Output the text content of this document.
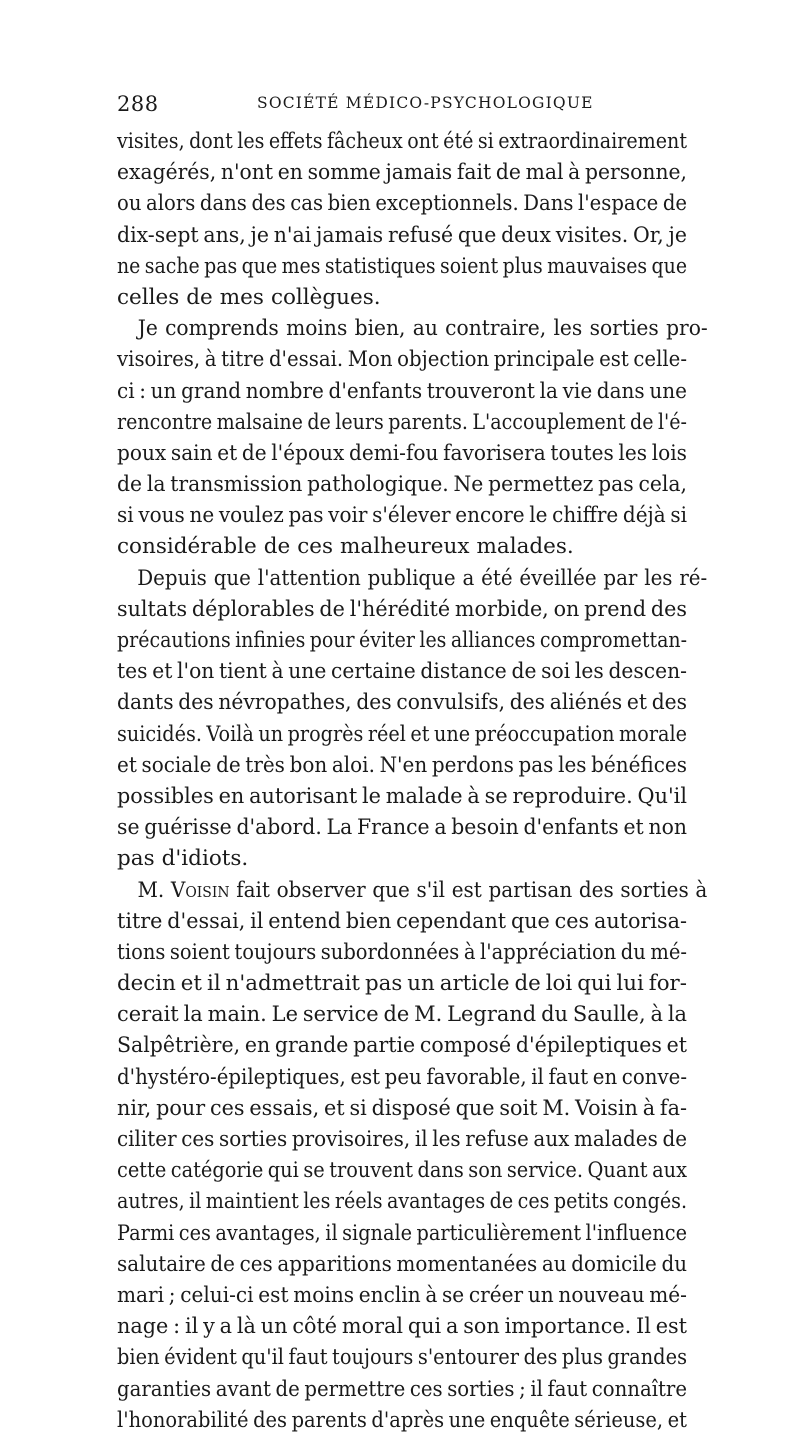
288	SOCIÉTÉ MÉDICO-PSYCHOLOGIQUE
visites, dont les effets fâcheux ont été si extraordinairement
exagérés, n'ont en somme jamais fait de mal à personne,
ou alors dans des cas bien exceptionnels. Dans l'espace de
dix-sept ans, je n'ai jamais refusé que deux visites. Or, je
ne sache pas que mes statistiques soient plus mauvaises que
celles de mes collègues.
Je comprends moins bien, au contraire, les sorties pro-
visoires, à titre d'essai. Mon objection principale est celle-
ci : un grand nombre d'enfants trouveront la vie dans une
rencontre malsaine de leurs parents. L'accouplement de l'é-
poux sain et de l'époux demi-fou favorisera toutes les lois
de la transmission pathologique. Ne permettez pas cela,
si vous ne voulez pas voir s'élever encore le chiffre déjà si
considérable de ces malheureux malades.
Depuis que l'attention publique a été éveillée par les ré-
sultats déplorables de l'hérédité morbide, on prend des
précautions infinies pour éviter les alliances compromettan-
tes et l'on tient à une certaine distance de soi les descen-
dants des névropathes, des convulsifs, des aliénés et des
suicidés. Voilà un progrès réel et une préoccupation morale
et sociale de très bon aloi. N'en perdons pas les bénéfices
possibles en autorisant le malade à se reproduire. Qu'il
se guérisse d'abord. La France a besoin d'enfants et non
pas d'idiots.
M. Voisin fait observer que s'il est partisan des sorties à
titre d'essai, il entend bien cependant que ces autorisa-
tions soient toujours subordonnées à l'appréciation du mé-
decin et il n'admettrait pas un article de loi qui lui for-
cerait la main. Le service de M. Legrand du Saulle, à la
Salpêtrière, en grande partie composé d'épileptiques et
d'hystéro-épileptiques, est peu favorable, il faut en conve-
nir, pour ces essais, et si disposé que soit M. Voisin à fa-
ciliter ces sorties provisoires, il les refuse aux malades de
cette catégorie qui se trouvent dans son service. Quant aux
autres, il maintient les réels avantages de ces petits congés.
Parmi ces avantages, il signale particulièrement l'influence
salutaire de ces apparitions momentanées au domicile du
mari ; celui-ci est moins enclin à se créer un nouveau mé-
nage : il y a là un côté moral qui a son importance. Il est
bien évident qu'il faut toujours s'entourer des plus grandes
garanties avant de permettre ces sorties ; il faut connaître
l'honorabilité des parents d'après une enquête sérieuse, et
